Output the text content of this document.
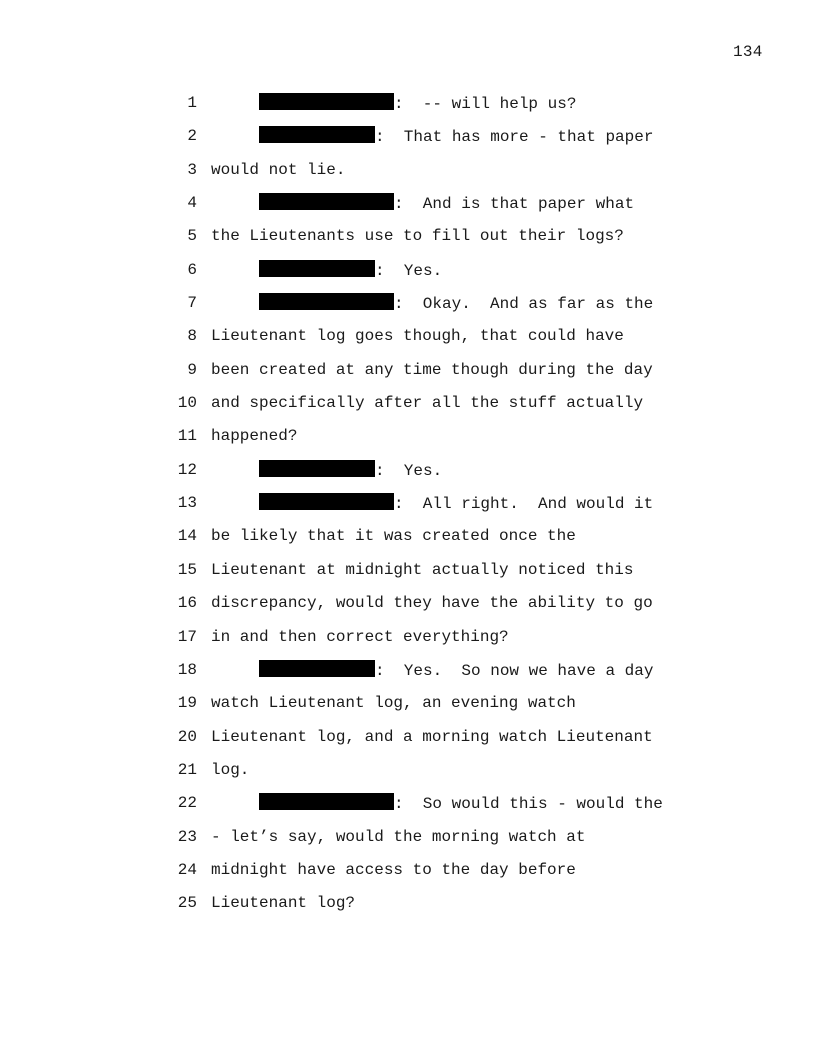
134
1	:  -- will help us?
2	:  That has more - that paper
3 would not lie.
4	:  And is that paper what
5 the Lieutenants use to fill out their logs?
6	:  Yes.
7	:  Okay.  And as far as the
8 Lieutenant log goes though, that could have
9 been created at any time though during the day
10 and specifically after all the stuff actually
11 happened?
12	:  Yes.
13	:  All right.  And would it
14 be likely that it was created once the
15 Lieutenant at midnight actually noticed this
16 discrepancy, would they have the ability to go
17 in and then correct everything?
18	:  Yes.  So now we have a day
19 watch Lieutenant log, an evening watch
20 Lieutenant log, and a morning watch Lieutenant
21 log.
22	:  So would this - would the
23 - let’s say, would the morning watch at
24 midnight have access to the day before
25 Lieutenant log?
